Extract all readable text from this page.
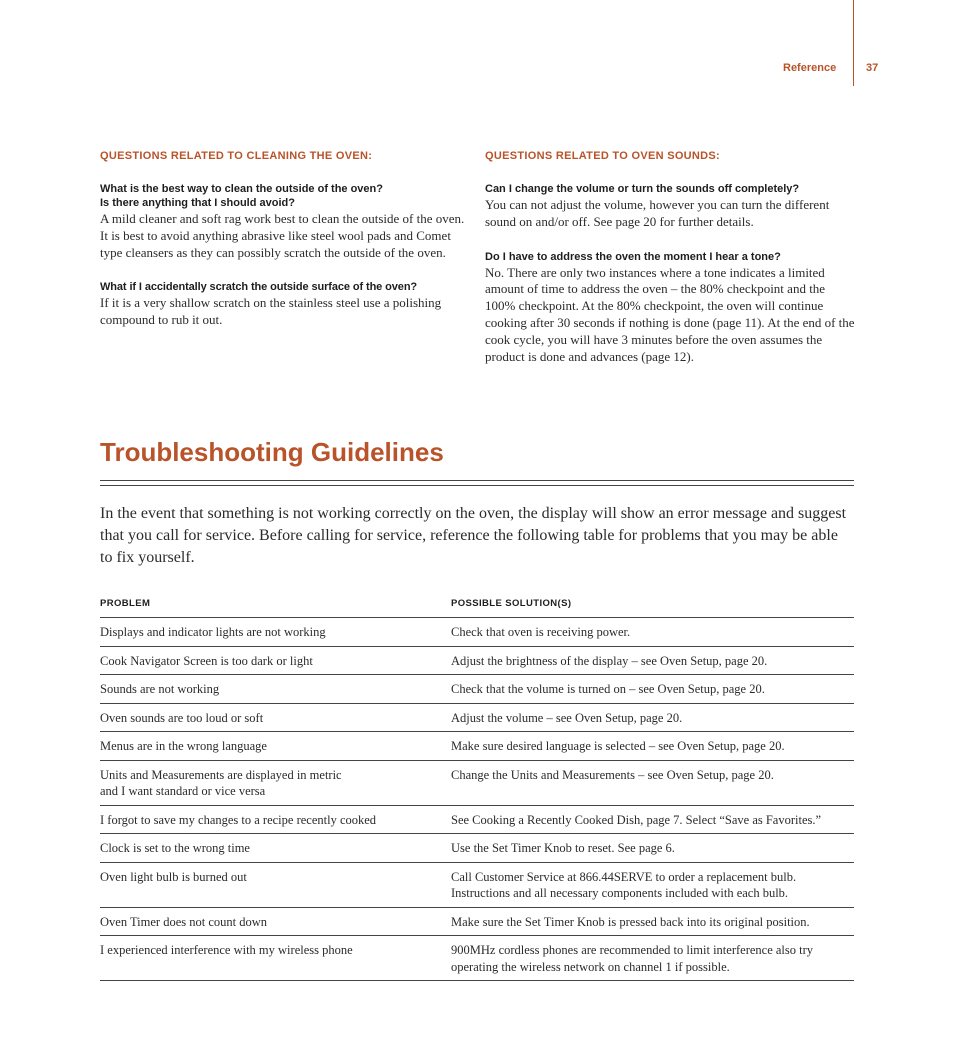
Reference	37

QUESTIONS RELATED TO CLEANING THE OVEN:

What is the best way to clean the outside of the oven?
Is there anything that I should avoid?

A mild cleaner and soft rag work best to clean the outside of the oven. It is best to avoid anything abrasive like steel wool pads and Comet type cleansers as they can possibly scratch the outside of the oven.

What if I accidentally scratch the outside surface of the oven?

If it is a very shallow scratch on the stainless steel use a polishing compound to rub it out.

QUESTIONS RELATED TO OVEN SOUNDS:

Can I change the volume or turn the sounds off completely?

You can not adjust the volume, however you can turn the different sound on and/or off. See page 20 for further details.

Do I have to address the oven the moment I hear a tone?

No. There are only two instances where a tone indicates a limited amount of time to address the oven – the 80% checkpoint and the 100% checkpoint. At the 80% checkpoint, the oven will continue cooking after 30 seconds if nothing is done (page 11). At the end of the cook cycle, you will have 3 minutes before the oven assumes the product is done and advances (page 12).

Troubleshooting Guidelines

In the event that something is not working correctly on the oven, the display will show an error message and suggest that you call for service. Before calling for service, reference the following table for problems that you may be able to fix yourself.

PROBLEM	POSSIBLE SOLUTION(S)
Displays and indicator lights are not working	Check that oven is receiving power.
Cook Navigator Screen is too dark or light	Adjust the brightness of the display – see Oven Setup, page 20.
Sounds are not working	Check that the volume is turned on – see Oven Setup, page 20.
Oven sounds are too loud or soft	Adjust the volume – see Oven Setup, page 20.
Menus are in the wrong language	Make sure desired language is selected – see Oven Setup, page 20.
Units and Measurements are displayed in metric
and I want standard or vice versa	Change the Units and Measurements – see Oven Setup, page 20.
I forgot to save my changes to a recipe recently cooked	See Cooking a Recently Cooked Dish, page 7. Select “Save as Favorites.”
Clock is set to the wrong time	Use the Set Timer Knob to reset. See page 6.
Oven light bulb is burned out	Call Customer Service at 866.44SERVE to order a replacement bulb.
Instructions and all necessary components included with each bulb.
Oven Timer does not count down	Make sure the Set Timer Knob is pressed back into its original position.
I experienced interference with my wireless phone	900MHz cordless phones are recommended to limit interference also try operating the wireless network on channel 1 if possible.
